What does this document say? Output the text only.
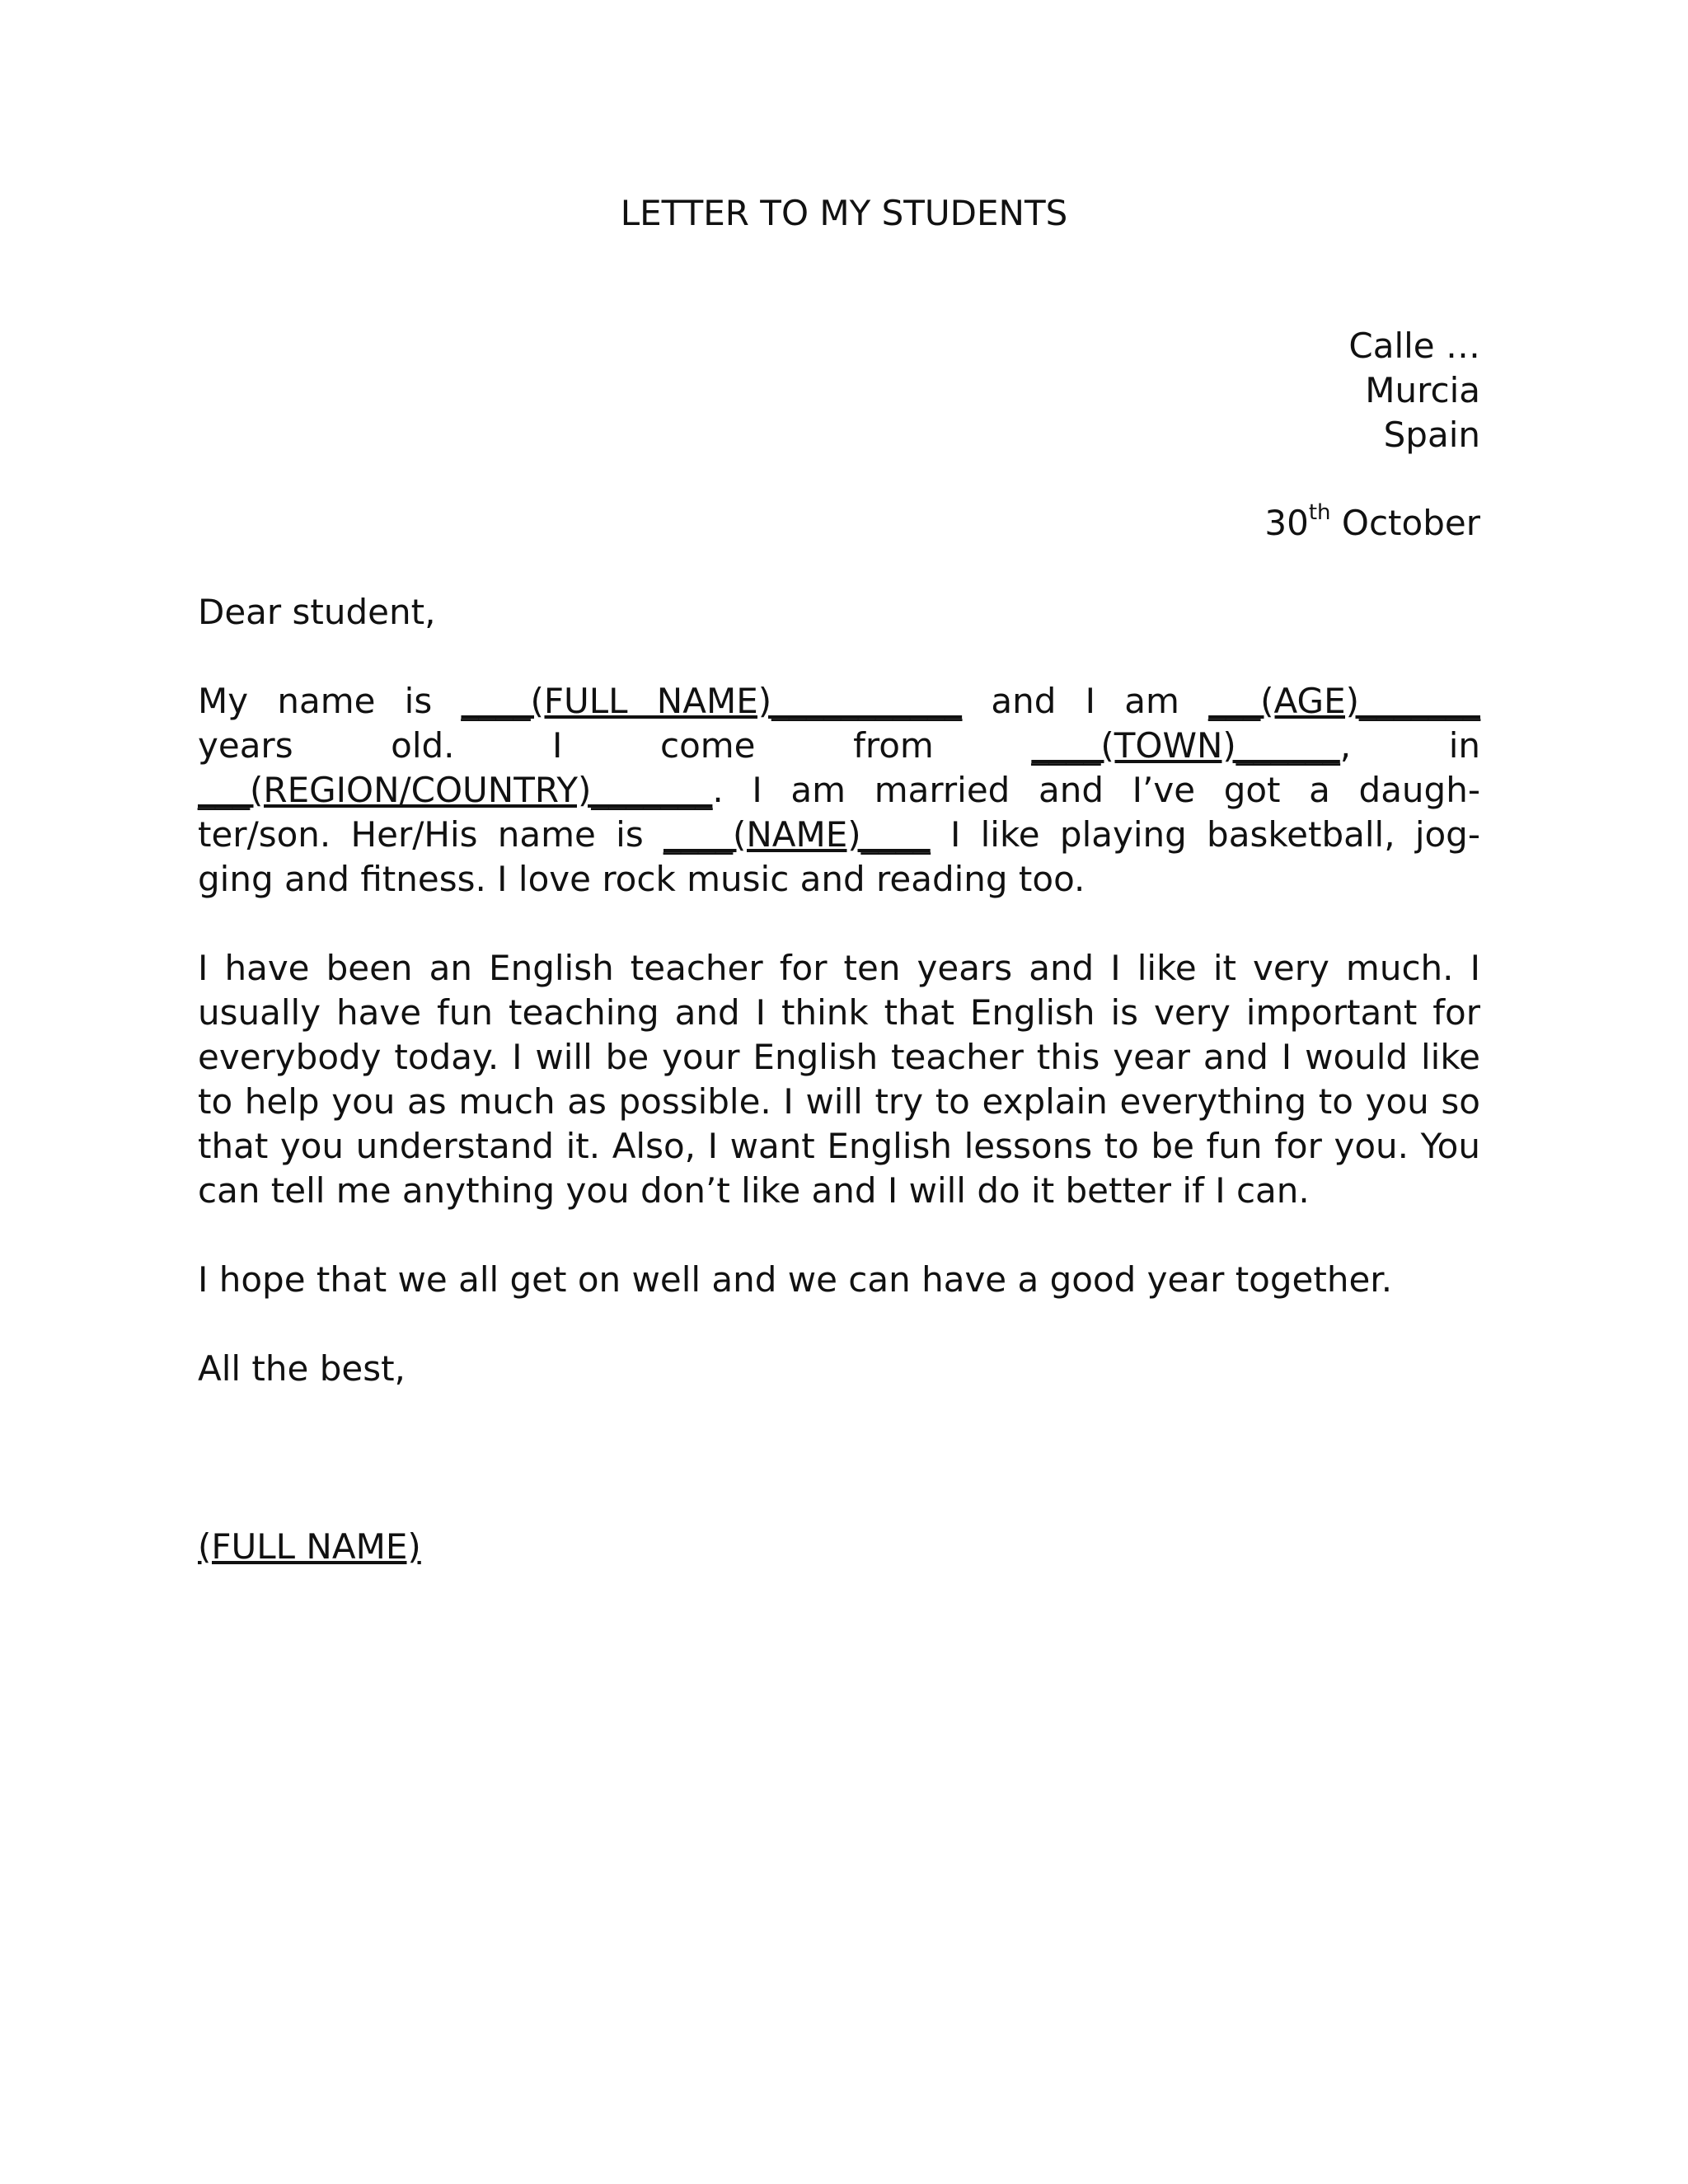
LETTER TO MY STUDENTS
Calle …
Murcia
Spain
30th October
Dear student,
My name is ____(FULL NAME)___________ and I am ___(AGE)_______
years old. I come from ____(TOWN)______, in
___(REGION/COUNTRY)_______. I am married and I’ve got a daugh-
ter/son. Her/His name is ____(NAME)____ I like playing basketball, jog-
ging and fitness. I love rock music and reading too.
I have been an English teacher for ten years and I like it very much. I usually have fun teaching and I think that English is very important for everybody today. I will be your English teacher this year and I would like to help you as much as possible. I will try to explain everything to you so that you understand it. Also, I want English lessons to be fun for you. You can tell me anything you don’t like and I will do it better if I can.
I hope that we all get on well and we can have a good year together.
All the best,
(FULL NAME)
